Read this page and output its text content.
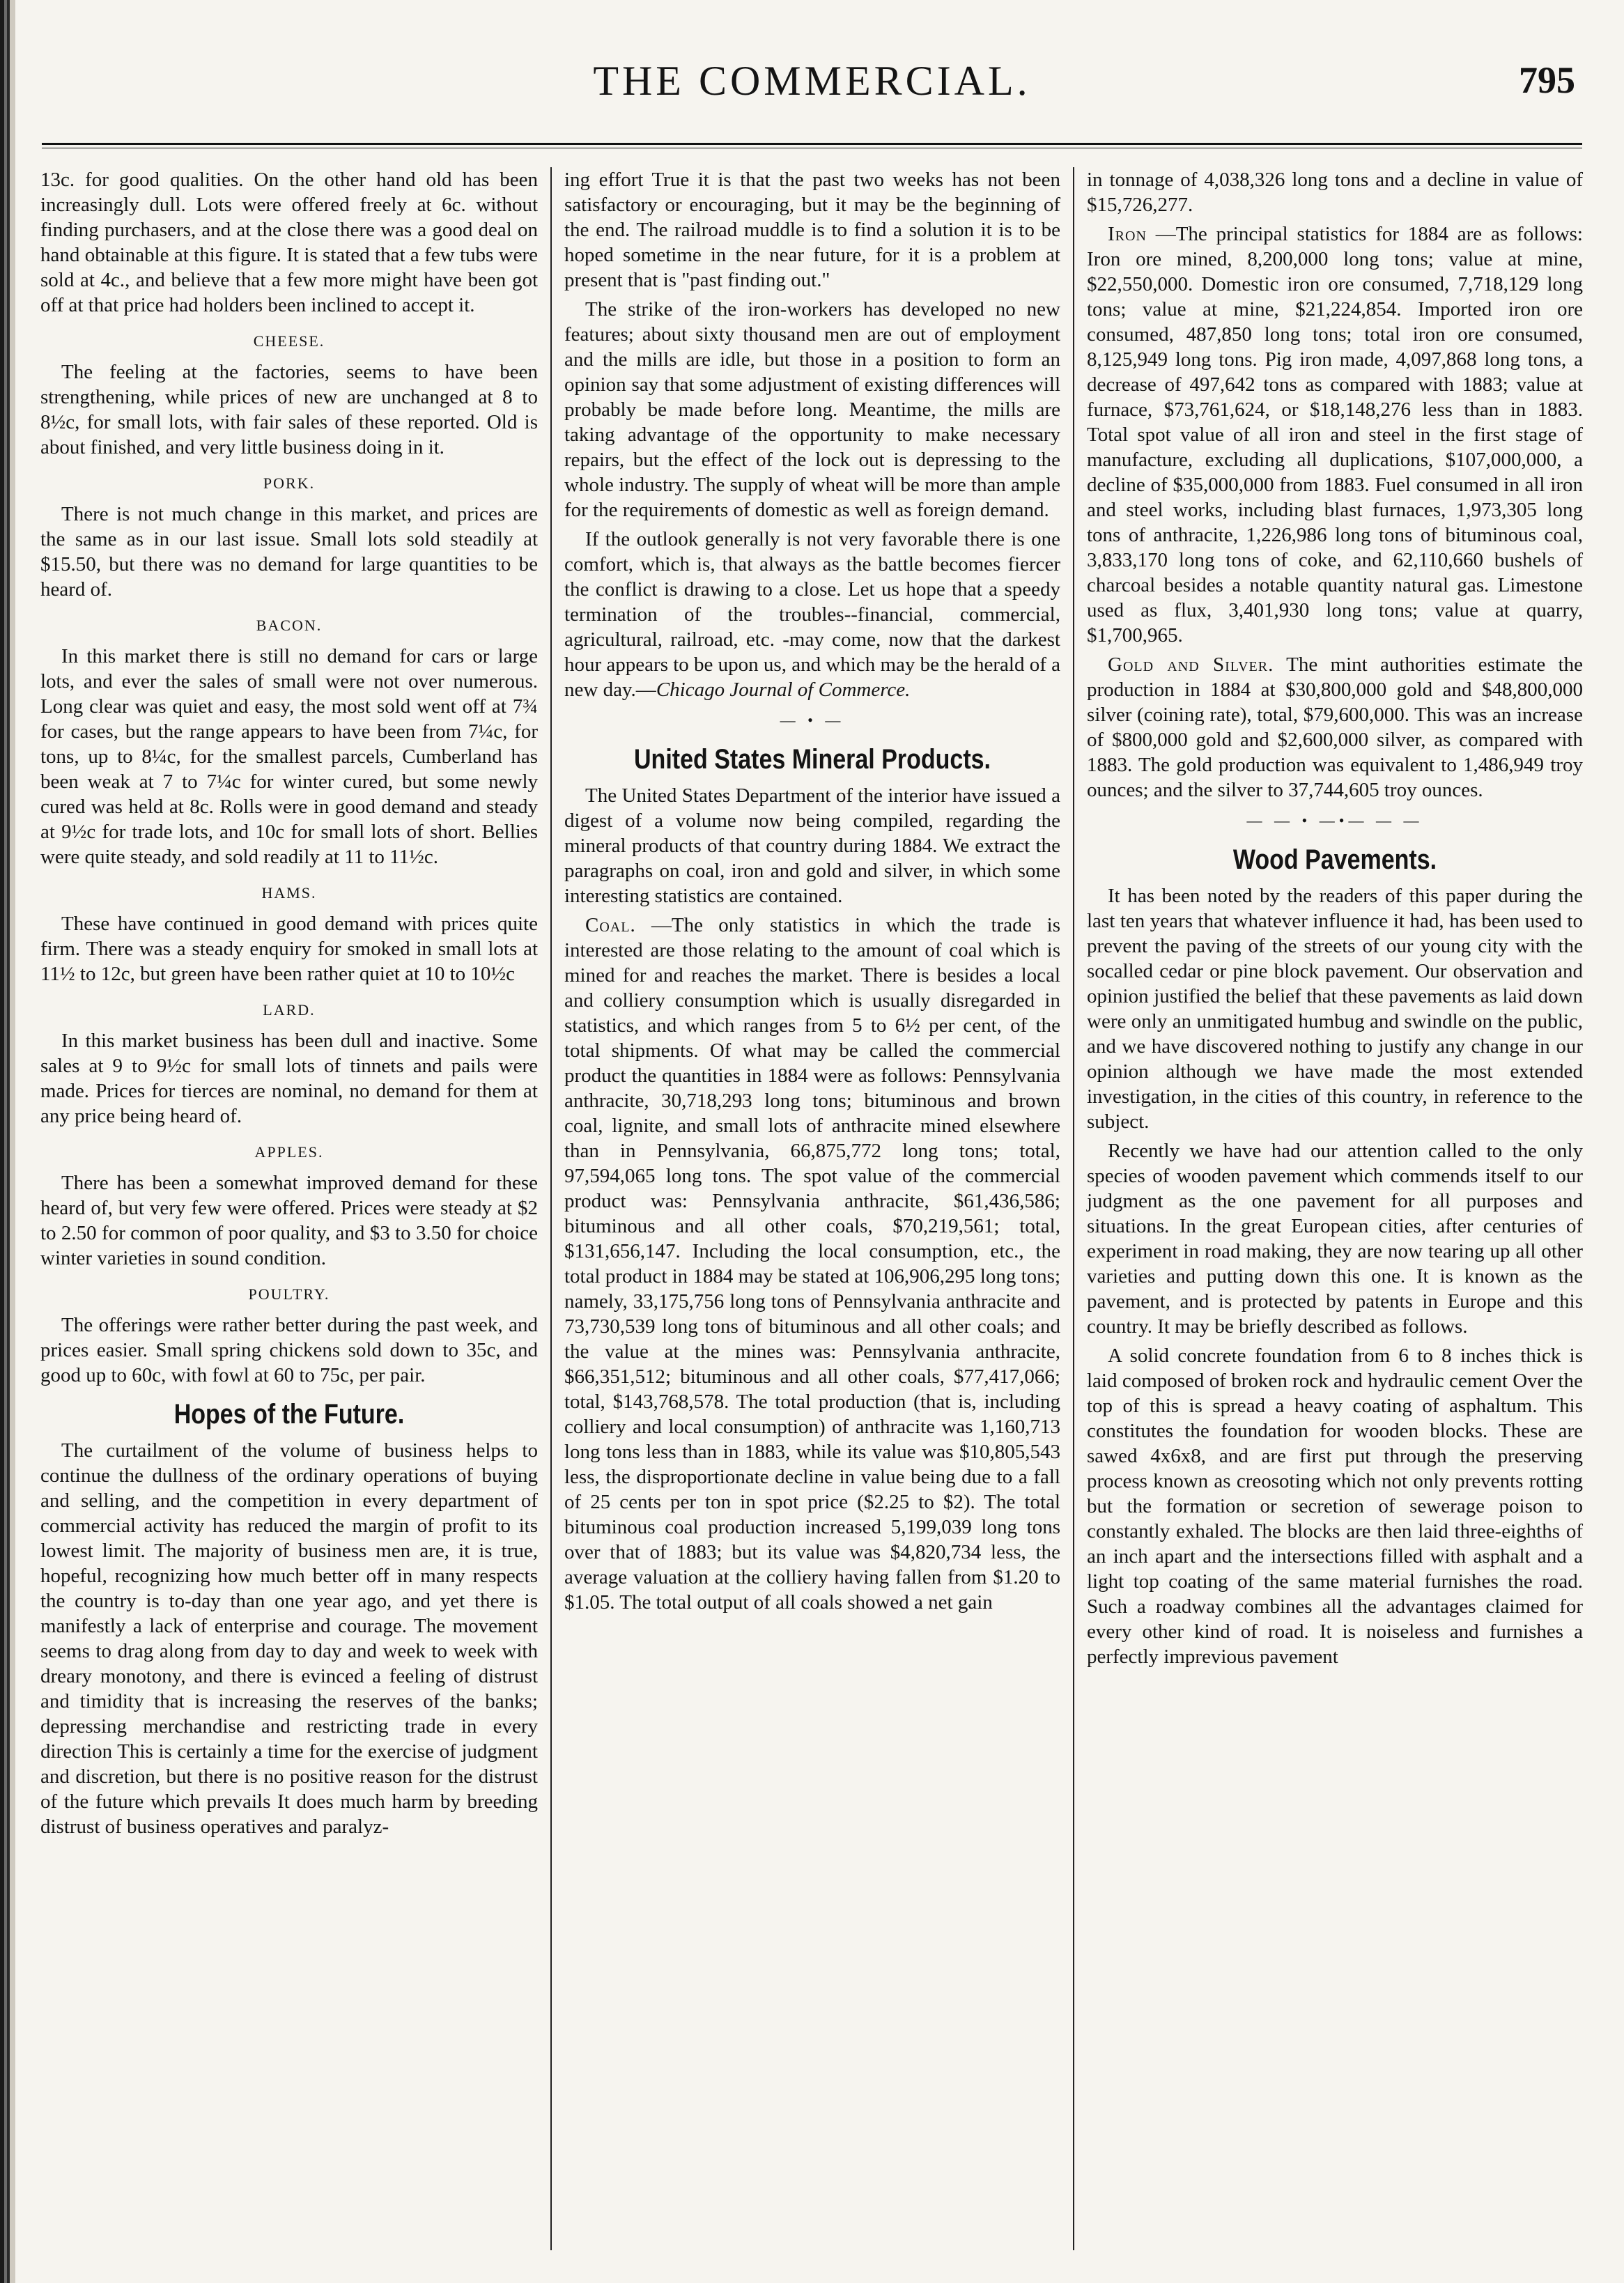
THE COMMERCIAL.	795

13c. for good qualities. On the other hand old has been increasingly dull. Lots were offered freely at 6c. without finding purchasers, and at the close there was a good deal on hand obtainable at this figure. It is stated that a few tubs were sold at 4c., and believe that a few more might have been got off at that price had holders been inclined to accept it.

CHEESE.

The feeling at the factories, seems to have been strengthening, while prices of new are unchanged at 8 to 8½c, for small lots, with fair sales of these reported. Old is about finished, and very little business doing in it.

PORK.

There is not much change in this market, and prices are the same as in our last issue. Small lots sold steadily at $15.50, but there was no demand for large quantities to be heard of.

BACON.

In this market there is still no demand for cars or large lots, and ever the sales of small were not over numerous. Long clear was quiet and easy, the most sold went off at 7¾ for cases, but the range appears to have been from 7¼c, for tons, up to 8¼c, for the smallest parcels, Cumberland has been weak at 7 to 7¼c for winter cured, but some newly cured was held at 8c. Rolls were in good demand and steady at 9½c for trade lots, and 10c for small lots of short. Bellies were quite steady, and sold readily at 11 to 11½c.

HAMS.

These have continued in good demand with prices quite firm. There was a steady enquiry for smoked in small lots at 11½ to 12c, but green have been rather quiet at 10 to 10½c

LARD.

In this market business has been dull and inactive. Some sales at 9 to 9½c for small lots of tinnets and pails were made. Prices for tierces are nominal, no demand for them at any price being heard of.

APPLES.

There has been a somewhat improved demand for these heard of, but very few were offered. Prices were steady at $2 to 2.50 for common of poor quality, and $3 to 3.50 for choice winter varieties in sound condition.

POULTRY.

The offerings were rather better during the past week, and prices easier. Small spring chickens sold down to 35c, and good up to 60c, with fowl at 60 to 75c, per pair.

Hopes of the Future.

The curtailment of the volume of business helps to continue the dullness of the ordinary operations of buying and selling, and the competition in every department of commercial activity has reduced the margin of profit to its lowest limit. The majority of business men are, it is true, hopeful, recognizing how much better off in many respects the country is to-day than one year ago, and yet there is manifestly a lack of enterprise and courage. The movement seems to drag along from day to day and week to week with dreary monotony, and there is evinced a feeling of distrust and timidity that is increasing the reserves of the banks; depressing merchandise and restricting trade in every direction This is certainly a time for the exercise of judgment and discretion, but there is no positive reason for the distrust of the future which prevails It does much harm by breeding distrust of business operatives and paralyz-

ing effort True it is that the past two weeks has not been satisfactory or encouraging, but it may be the beginning of the end. The railroad muddle is to find a solution it is to be hoped sometime in the near future, for it is a problem at present that is "past finding out."

The strike of the iron-workers has developed no new features; about sixty thousand men are out of employment and the mills are idle, but those in a position to form an opinion say that some adjustment of existing differences will probably be made before long. Meantime, the mills are taking advantage of the opportunity to make necessary repairs, but the effect of the lock out is depressing to the whole industry. The supply of wheat will be more than ample for the requirements of domestic as well as foreign demand.

If the outlook generally is not very favorable there is one comfort, which is, that always as the battle becomes fiercer the conflict is drawing to a close. Let us hope that a speedy termination of the troubles--financial, commercial, agricultural, railroad, etc. -may come, now that the darkest hour appears to be upon us, and which may be the herald of a new day.—Chicago Journal of Commerce.

— • —
United States Mineral Products.

The United States Department of the interior have issued a digest of a volume now being compiled, regarding the mineral products of that country during 1884. We extract the paragraphs on coal, iron and gold and silver, in which some interesting statistics are contained.

Coal. —The only statistics in which the trade is interested are those relating to the amount of coal which is mined for and reaches the market. There is besides a local and colliery consumption which is usually disregarded in statistics, and which ranges from 5 to 6½ per cent, of the total shipments. Of what may be called the commercial product the quantities in 1884 were as follows: Pennsylvania anthracite, 30,718,293 long tons; bituminous and brown coal, lignite, and small lots of anthracite mined elsewhere than in Pennsylvania, 66,875,772 long tons; total, 97,594,065 long tons. The spot value of the commercial product was: Pennsylvania anthracite, $61,436,586; bituminous and all other coals, $70,219,561; total, $131,656,147. Including the local consumption, etc., the total product in 1884 may be stated at 106,906,295 long tons; namely, 33,175,756 long tons of Pennsylvania anthracite and 73,730,539 long tons of bituminous and all other coals; and the value at the mines was: Pennsylvania anthracite, $66,351,512; bituminous and all other coals, $77,417,066; total, $143,768,578. The total production (that is, including colliery and local consumption) of anthracite was 1,160,713 long tons less than in 1883, while its value was $10,805,543 less, the disproportionate decline in value being due to a fall of 25 cents per ton in spot price ($2.25 to $2). The total bituminous coal production increased 5,199,039 long tons over that of 1883; but its value was $4,820,734 less, the average valuation at the colliery having fallen from $1.20 to $1.05. The total output of all coals showed a net gain

in tonnage of 4,038,326 long tons and a decline in value of $15,726,277.

Iron —The principal statistics for 1884 are as follows: Iron ore mined, 8,200,000 long tons; value at mine, $22,550,000. Domestic iron ore consumed, 7,718,129 long tons; value at mine, $21,224,854. Imported iron ore consumed, 487,850 long tons; total iron ore consumed, 8,125,949 long tons. Pig iron made, 4,097,868 long tons, a decrease of 497,642 tons as compared with 1883; value at furnace, $73,761,624, or $18,148,276 less than in 1883. Total spot value of all iron and steel in the first stage of manufacture, excluding all duplications, $107,000,000, a decline of $35,000,000 from 1883. Fuel consumed in all iron and steel works, including blast furnaces, 1,973,305 long tons of anthracite, 1,226,986 long tons of bituminous coal, 3,833,170 long tons of coke, and 62,110,660 bushels of charcoal besides a notable quantity natural gas. Limestone used as flux, 3,401,930 long tons; value at quarry, $1,700,965.

Gold and Silver. The mint authorities estimate the production in 1884 at $30,800,000 gold and $48,800,000 silver (coining rate), total, $79,600,000. This was an increase of $800,000 gold and $2,600,000 silver, as compared with 1883. The gold production was equivalent to 1,486,949 troy ounces; and the silver to 37,744,605 troy ounces.

— — • —•— — —
Wood Pavements.

It has been noted by the readers of this paper during the last ten years that whatever influence it had, has been used to prevent the paving of the streets of our young city with the socalled cedar or pine block pavement. Our observation and opinion justified the belief that these pavements as laid down were only an unmitigated humbug and swindle on the public, and we have discovered nothing to justify any change in our opinion although we have made the most extended investigation, in the cities of this country, in reference to the subject.

Recently we have had our attention called to the only species of wooden pavement which commends itself to our judgment as the one pavement for all purposes and situations. In the great European cities, after centuries of experiment in road making, they are now tearing up all other varieties and putting down this one. It is known as the pavement, and is protected by patents in Europe and this country. It may be briefly described as follows.

A solid concrete foundation from 6 to 8 inches thick is laid composed of broken rock and hydraulic cement Over the top of this is spread a heavy coating of asphaltum. This constitutes the foundation for wooden blocks. These are sawed 4x6x8, and are first put through the preserving process known as creosoting which not only prevents rotting but the formation or secretion of sewerage poison to constantly exhaled. The blocks are then laid three-eighths of an inch apart and the intersections filled with asphalt and a light top coating of the same material furnishes the road. Such a roadway combines all the advantages claimed for every other kind of road. It is noiseless and furnishes a perfectly imprevious pavement
